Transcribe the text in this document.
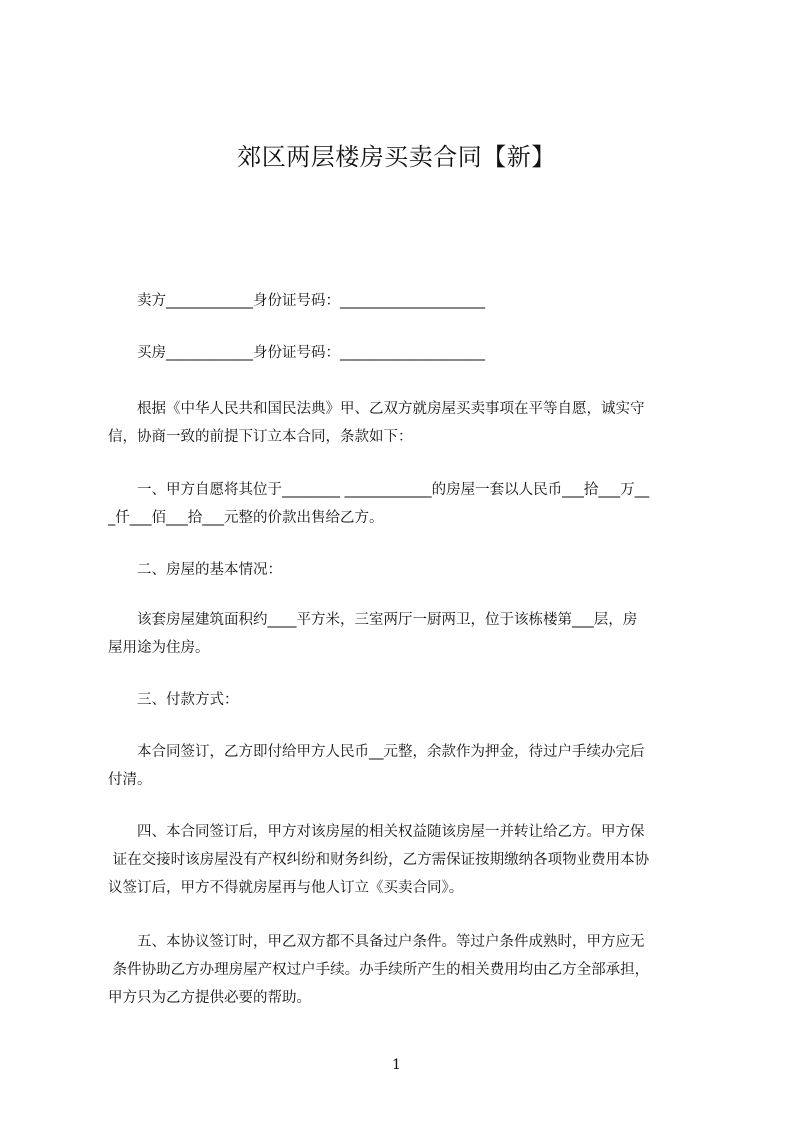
郊区两层楼房买卖合同【新】

卖方____________身份证号码：____________________

买房____________身份证号码：____________________

根据《中华人民共和国民法典》甲、乙双方就房屋买卖事项在平等自愿，诚实守
信，协商一致的前提下订立本合同，条款如下：

一、甲方自愿将其位于________ ____________的房屋一套以人民币___拾___万__
_仟___佰___拾___元整的价款出售给乙方。

二、房屋的基本情况：

该套房屋建筑面积约____平方米，三室两厅一厨两卫，位于该栋楼第___层，房
屋用途为住房。

三、付款方式：

本合同签订，乙方即付给甲方人民币__元整，余款作为押金，待过户手续办完后
付清。

四、本合同签订后，甲方对该房屋的相关权益随该房屋一并转让给乙方。甲方保
证在交接时该房屋没有产权纠纷和财务纠纷，乙方需保证按期缴纳各项物业费用本协
议签订后，甲方不得就房屋再与他人订立《买卖合同》。

五、本协议签订时，甲乙双方都不具备过户条件。等过户条件成熟时，甲方应无
条件协助乙方办理房屋产权过户手续。办手续所产生的相关费用均由乙方全部承担，
甲方只为乙方提供必要的帮助。

1
